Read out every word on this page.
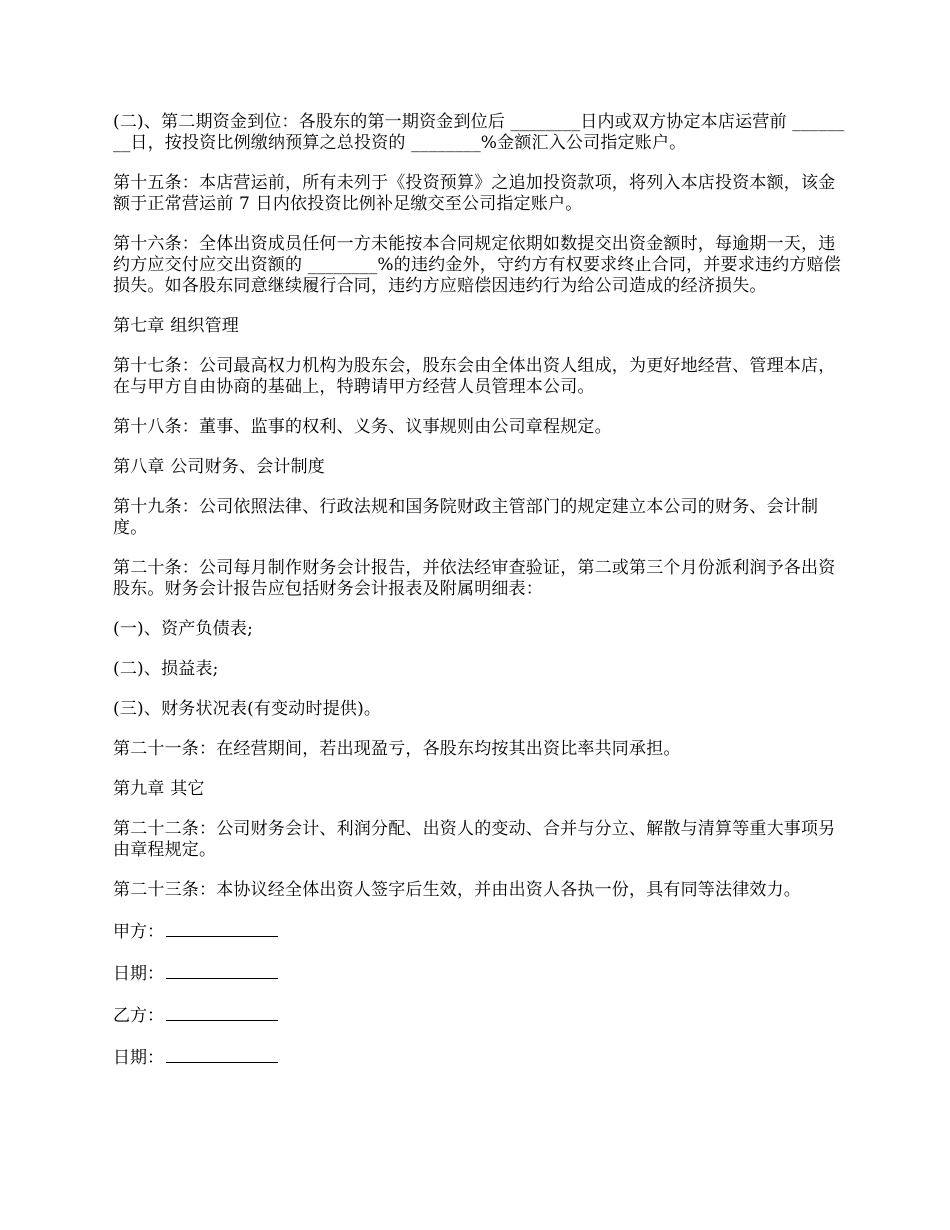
(二)、第二期资金到位：各股东的第一期资金到位后 ________日内或双方协定本店运营前 ________日，按投资比例缴纳预算之总投资的 ________%金额汇入公司指定账户。

第十五条：本店营运前，所有未列于《投资预算》之追加投资款项，将列入本店投资本额，该金额于正常营运前 7 日内依投资比例补足缴交至公司指定账户。

第十六条：全体出资成员任何一方未能按本合同规定依期如数提交出资金额时，每逾期一天，违约方应交付应交出资额的 ________%的违约金外，守约方有权要求终止合同，并要求违约方赔偿损失。如各股东同意继续履行合同，违约方应赔偿因违约行为给公司造成的经济损失。

第七章 组织管理

第十七条：公司最高权力机构为股东会，股东会由全体出资人组成，为更好地经营、管理本店，在与甲方自由协商的基础上，特聘请甲方经营人员管理本公司。

第十八条：董事、监事的权利、义务、议事规则由公司章程规定。

第八章 公司财务、会计制度

第十九条：公司依照法律、行政法规和国务院财政主管部门的规定建立本公司的财务、会计制度。

第二十条：公司每月制作财务会计报告，并依法经审查验证，第二或第三个月份派利润予各出资股东。财务会计报告应包括财务会计报表及附属明细表：

(一)、资产负债表;

(二)、损益表;

(三)、财务状况表(有变动时提供)。

第二十一条：在经营期间，若出现盈亏，各股东均按其出资比率共同承担。

第九章 其它

第二十二条：公司财务会计、利润分配、出资人的变动、合并与分立、解散与清算等重大事项另由章程规定。

第二十三条：本协议经全体出资人签字后生效，并由出资人各执一份，具有同等法律效力。

甲方：
日期：
乙方：
日期：
